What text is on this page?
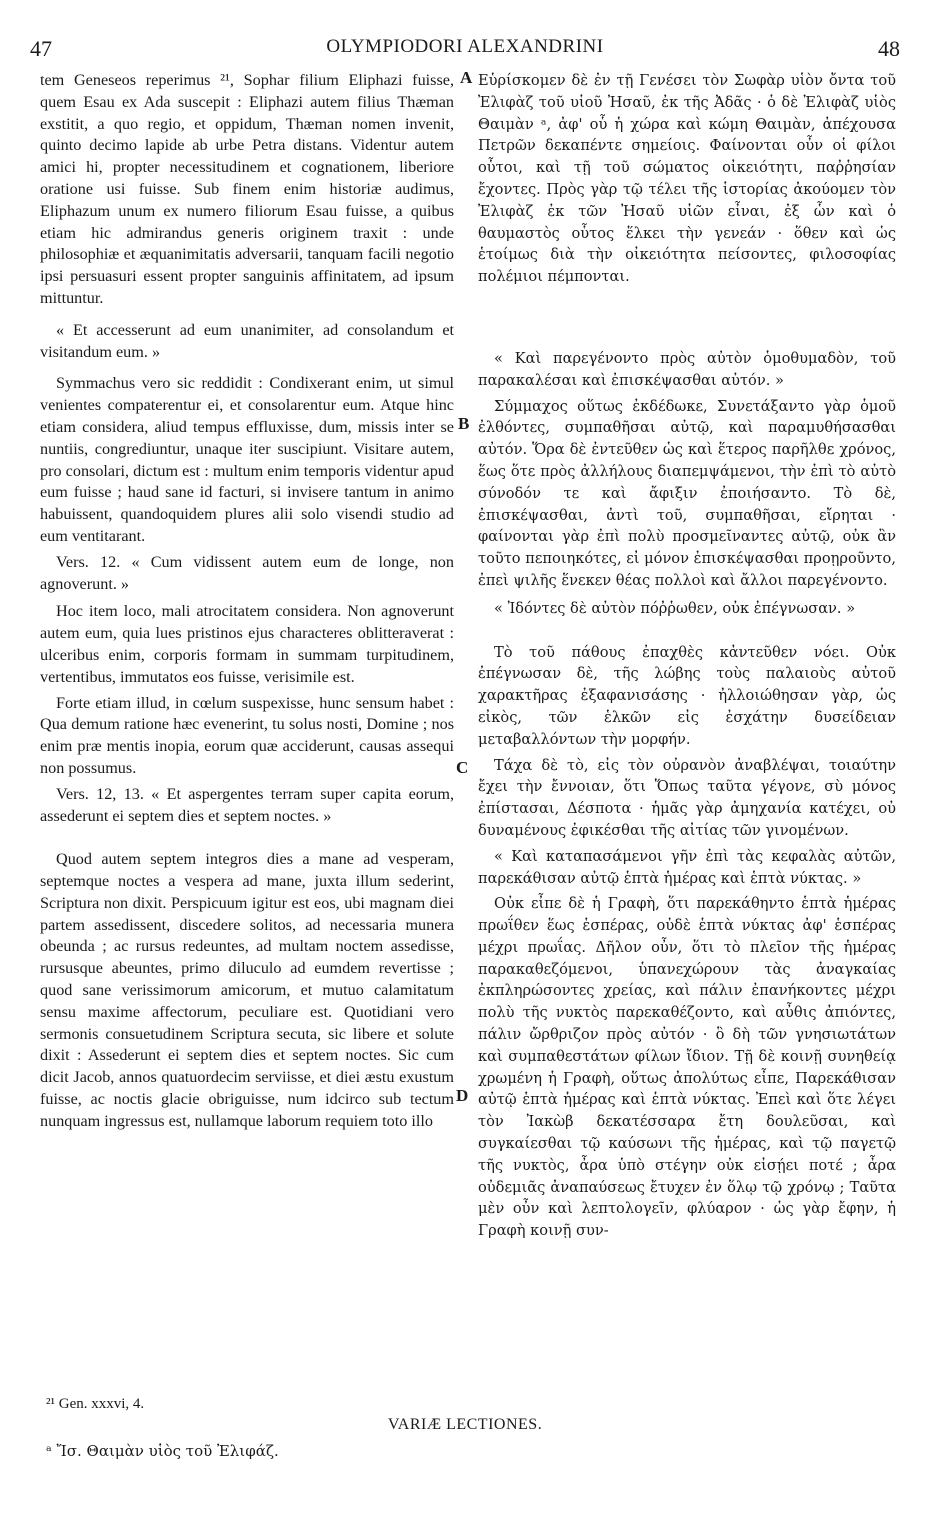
47	OLYMPIODORI ALEXANDRINI	48

tem Geneseos reperimus ²¹, Sophar filium Eliphazi fuisse, quem Esau ex Ada suscepit : Eliphazi autem filius Thæman exstitit, a quo regio, et oppidum, Thæman nomen invenit, quinto decimo lapide ab urbe Petra distans. Videntur autem amici hi, propter necessitudinem et cognationem, liberiore oratione usi fuisse. Sub finem enim historiæ audimus, Eliphazum unum ex numero filiorum Esau fuisse, a quibus etiam hic admirandus generis originem traxit : unde philosophiæ et æquanimitatis adversarii, tanquam facili negotio ipsi persuasuri essent propter sanguinis affinitatem, ad ipsum mittuntur.

« Et accesserunt ad eum unanimiter, ad consolandum et visitandum eum. »

Symmachus vero sic reddidit : Condixerant enim, ut simul venientes compaterentur ei, et consolarentur eum. Atque hinc etiam considera, aliud tempus effluxisse, dum, missis inter se nuntiis, congrediuntur, unaque iter suscipiunt. Visitare autem, pro consolari, dictum est : multum enim temporis videntur apud eum fuisse ; haud sane id facturi, si invisere tantum in animo habuissent, quandoquidem plures alii solo visendi studio ad eum ventitarant.

Vers. 12. « Cum vidissent autem eum de longe, non agnoverunt. »

Hoc item loco, mali atrocitatem considera. Non agnoverunt autem eum, quia lues pristinos ejus characteres oblitteraverat : ulceribus enim, corporis formam in summam turpitudinem, vertentibus, immutatos eos fuisse, verisimile est.

Forte etiam illud, in cœlum suspexisse, hunc sensum habet : Qua demum ratione hæc evenerint, tu solus nosti, Domine ; nos enim præ mentis inopia, eorum quæ acciderunt, causas assequi non possumus.

Vers. 12, 13. « Et aspergentes terram super capita eorum, assederunt ei septem dies et septem noctes. »

Quod autem septem integros dies a mane ad vesperam, septemque noctes a vespera ad mane, juxta illum sederint, Scriptura non dixit. Perspicuum igitur est eos, ubi magnam diei partem assedissent, discedere solitos, ad necessaria munera obeunda ; ac rursus redeuntes, ad multam noctem assedisse, rursusque abeuntes, primo diluculo ad eumdem revertisse ; quod sane verissimorum amicorum, et mutuo calamitatum sensu maxime affectorum, peculiare est. Quotidiani vero sermonis consuetudinem Scriptura secuta, sic libere et solute dixit : Assederunt ei septem dies et septem noctes. Sic cum dicit Jacob, annos quatuordecim serviisse, et diei æstu exustum fuisse, ac noctis glacie obriguisse, num idcirco sub tectum nunquam ingressus est, nullamque laborum requiem toto illo

Εὑρίσκομεν δὲ ἐν τῇ Γενέσει τὸν Σωφὰρ υἱὸν ὄντα τοῦ Ἐλιφὰζ τοῦ υἱοῦ Ἠσαῦ, ἐκ τῆς Ἀδᾶς · ὁ δὲ Ἐλιφὰζ υἱὸς Θαιμὰν ᵃ, ἀφ' οὗ ἡ χώρα καὶ κώμη Θαιμὰν, ἀπέχουσα Πετρῶν δεκαπέντε σημείοις. Φαίνονται οὖν οἱ φίλοι οὗτοι, καὶ τῇ τοῦ σώματος οἰκειότητι, παῤῥησίαν ἔχοντες. Πρὸς γὰρ τῷ τέλει τῆς ἱστορίας ἀκούομεν τὸν Ἐλιφὰζ ἐκ τῶν Ἠσαῦ υἱῶν εἶναι, ἐξ ὧν καὶ ὁ θαυμαστὸς οὗτος ἕλκει τὴν γενεάν · ὅθεν καὶ ὡς ἑτοίμως διὰ τὴν οἰκειότητα πείσοντες, φιλοσοφίας πολέμιοι πέμπονται.

« Καὶ παρεγένοντο πρὸς αὐτὸν ὁμοθυμαδὸν, τοῦ παρακαλέσαι καὶ ἐπισκέψασθαι αὐτόν. »

Σύμμαχος οὕτως ἐκδέδωκε, Συνετάξαντο γὰρ ὁμοῦ ἐλθόντες, συμπαθῆσαι αὐτῷ, καὶ παραμυθήσασθαι αὐτόν. Ὅρα δὲ ἐντεῦθεν ὡς καὶ ἕτερος παρῆλθε χρόνος, ἕως ὅτε πρὸς ἀλλήλους διαπεμψάμενοι, τὴν ἐπὶ τὸ αὐτὸ σύνοδόν τε καὶ ἄφιξιν ἐποιήσαντο. Τὸ δὲ, ἐπισκέψασθαι, ἀντὶ τοῦ, συμπαθῆσαι, εἴρηται · φαίνονται γὰρ ἐπὶ πολὺ προσμεῖναντες αὐτῷ, οὐκ ἂν τοῦτο πεποιηκότες, εἰ μόνον ἐπισκέψασθαι προῃροῦντο, ἐπεὶ ψιλῆς ἕνεκεν θέας πολλοὶ καὶ ἄλλοι παρεγένοντο.

« Ἰδόντες δὲ αὐτὸν πόῤῥωθεν, οὐκ ἐπέγνωσαν. »

Τὸ τοῦ πάθους ἐπαχθὲς κἀντεῦθεν νόει. Οὐκ ἐπέγνωσαν δὲ, τῆς λώβης τοὺς παλαιοὺς αὐτοῦ χαρακτῆρας ἐξαφανισάσης · ἠλλοιώθησαν γὰρ, ὡς εἰκὸς, τῶν ἑλκῶν εἰς ἐσχάτην δυσείδειαν μεταβαλλόντων τὴν μορφήν.

Τάχα δὲ τὸ, εἰς τὸν οὐρανὸν ἀναβλέψαι, τοιαύτην ἔχει τὴν ἔννοιαν, ὅτι Ὅπως ταῦτα γέγονε, σὺ μόνος ἐπίστασαι, Δέσποτα · ἡμᾶς γὰρ ἀμηχανία κατέχει, οὐ δυναμένους ἐφικέσθαι τῆς αἰτίας τῶν γινομένων.

« Καὶ καταπασάμενοι γῆν ἐπὶ τὰς κεφαλὰς αὐτῶν, παρεκάθισαν αὐτῷ ἑπτὰ ἡμέρας καὶ ἑπτὰ νύκτας. »

Οὐκ εἶπε δὲ ἡ Γραφὴ, ὅτι παρεκάθηντο ἑπτὰ ἡμέρας πρωΐθεν ἕως ἑσπέρας, οὐδὲ ἑπτὰ νύκτας ἀφ' ἑσπέρας μέχρι πρωΐας. Δῆλον οὖν, ὅτι τὸ πλεῖον τῆς ἡμέρας παρακαθεζόμενοι, ὑπανεχώρουν τὰς ἀναγκαίας ἐκπληρώσοντες χρείας, καὶ πάλιν ἐπανήκοντες μέχρι πολὺ τῆς νυκτὸς παρεκαθέζοντο, καὶ αὖθις ἀπιόντες, πάλιν ὤρθριζον πρὸς αὐτόν · ὃ δὴ τῶν γνησιωτάτων καὶ συμπαθεστάτων φίλων ἴδιον. Τῇ δὲ κοινῇ συνηθείᾳ χρωμένη ἡ Γραφὴ, οὕτως ἀπολύτως εἶπε, Παρεκάθισαν αὐτῷ ἑπτὰ ἡμέρας καὶ ἑπτὰ νύκτας. Ἐπεὶ καὶ ὅτε λέγει τὸν Ἰακὼβ δεκατέσσαρα ἔτη δουλεῦσαι, καὶ συγκαίεσθαι τῷ καύσωνι τῆς ἡμέρας, καὶ τῷ παγετῷ τῆς νυκτὸς, ἆρα ὑπὸ στέγην οὐκ εἰσῄει ποτέ ; ἆρα οὐδεμιᾶς ἀναπαύσεως ἔτυχεν ἐν ὅλῳ τῷ χρόνῳ ; Ταῦτα μὲν οὖν καὶ λεπτολογεῖν, φλύαρον · ὡς γὰρ ἔφην, ἡ Γραφὴ κοινῇ συν-

A
B
C
D
²¹ Gen. xxxvi, 4.
VARIÆ LECTIONES.
ᵃ Ἴσ. Θαιμὰν υἱὸς τοῦ Ἐλιφάζ.
